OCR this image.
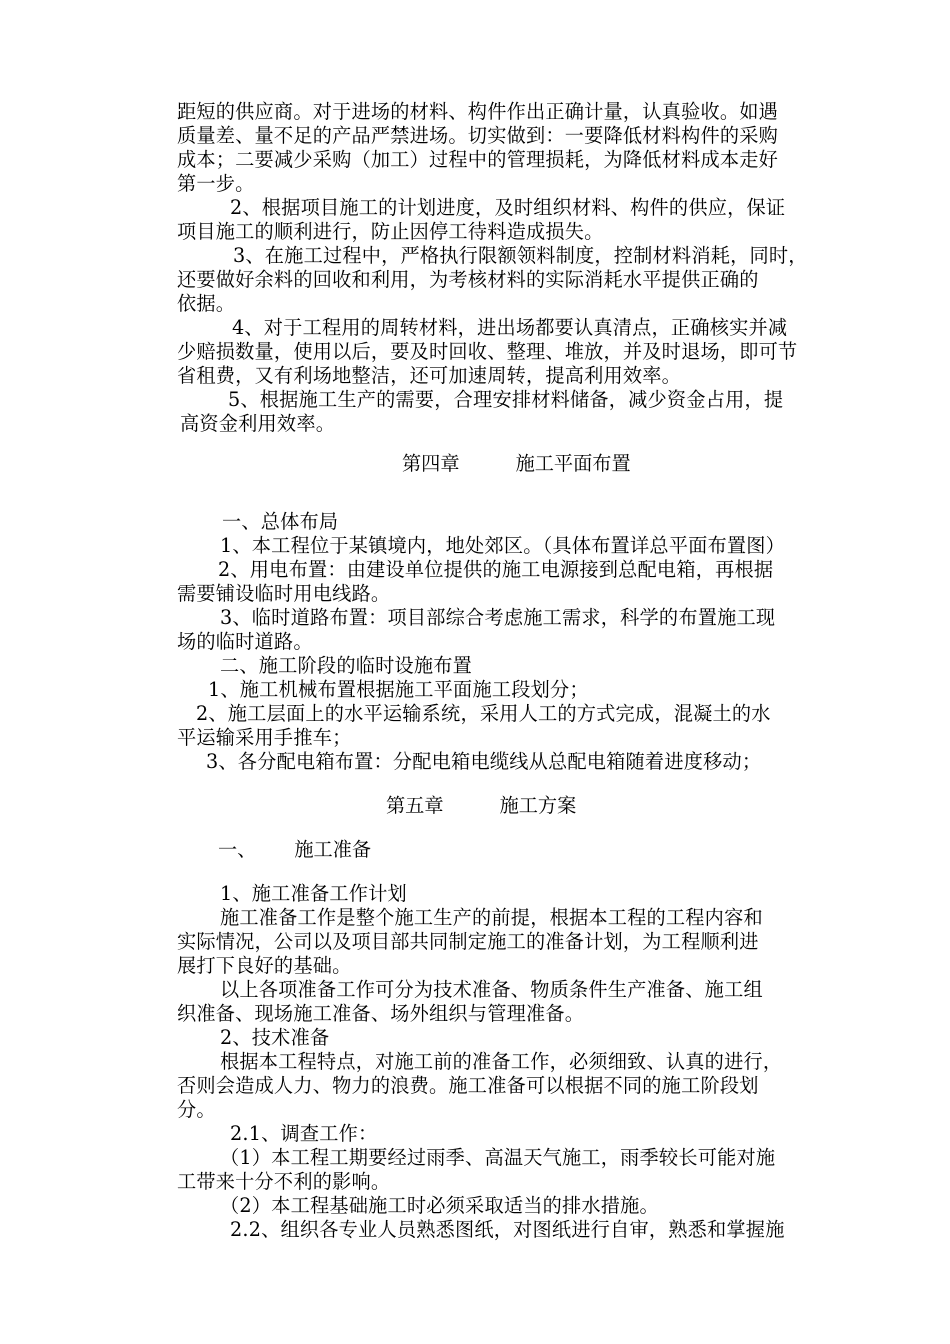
距短的供应商。对于进场的材料、构件作出正确计量，认真验收。如遇
质量差、量不足的产品严禁进场。切实做到：一要降低材料构件的采购
成本；二要减少采购（加工）过程中的管理损耗，为降低材料成本走好
第一步。
2、根据项目施工的计划进度，及时组织材料、构件的供应，保证
项目施工的顺利进行，防止因停工待料造成损失。
3、在施工过程中，严格执行限额领料制度，控制材料消耗，同时，
还要做好余料的回收和利用，为考核材料的实际消耗水平提供正确的
依据。
4、对于工程用的周转材料，进出场都要认真清点，正确核实并减
少赔损数量，使用以后，要及时回收、整理、堆放，并及时退场，即可节
省租费，又有利场地整洁，还可加速周转，提高利用效率。
5、根据施工生产的需要，合理安排材料储备，减少资金占用，提
高资金利用效率。
第四章	施工平面布置
一、总体布局
1、本工程位于某镇境内，地处郊区。（具体布置详总平面布置图）
2、用电布置：由建设单位提供的施工电源接到总配电箱，再根据
需要铺设临时用电线路。
3、临时道路布置：项目部综合考虑施工需求，科学的布置施工现
场的临时道路。
二、施工阶段的临时设施布置
1、施工机械布置根据施工平面施工段划分；
2、施工层面上的水平运输系统，采用人工的方式完成，混凝土的水
平运输采用手推车；
3、各分配电箱布置：分配电箱电缆线从总配电箱随着进度移动；
第五章	施工方案
一、 施工准备
1、施工准备工作计划
施工准备工作是整个施工生产的前提，根据本工程的工程内容和
实际情况，公司以及项目部共同制定施工的准备计划，为工程顺利进
展打下良好的基础。
以上各项准备工作可分为技术准备、物质条件生产准备、施工组
织准备、现场施工准备、场外组织与管理准备。
2、技术准备
根据本工程特点，对施工前的准备工作，必须细致、认真的进行，
否则会造成人力、物力的浪费。施工准备可以根据不同的施工阶段划
分。
2.1、调查工作：
（1）本工程工期要经过雨季、高温天气施工，雨季较长可能对施
工带来十分不利的影响。
（2）本工程基础施工时必须采取适当的排水措施。
2.2、组织各专业人员熟悉图纸，对图纸进行自审，熟悉和掌握施
